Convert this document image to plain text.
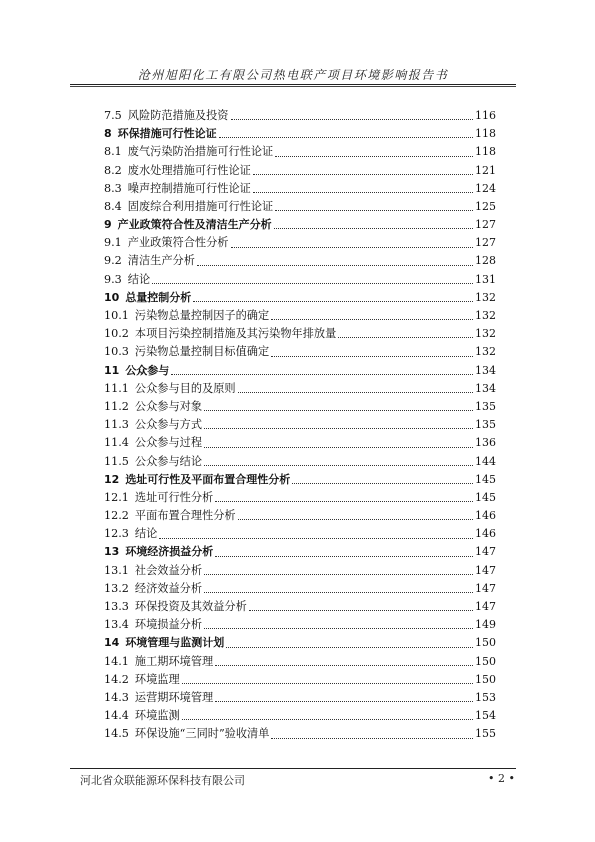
沧州旭阳化工有限公司热电联产项目环境影响报告书
7.5 风险防范措施及投资	116
8 环保措施可行性论证	118
8.1 废气污染防治措施可行性论证	118
8.2 废水处理措施可行性论证	121
8.3 噪声控制措施可行性论证	124
8.4 固废综合利用措施可行性论证	125
9 产业政策符合性及清洁生产分析	127
9.1 产业政策符合性分析	127
9.2 清洁生产分析	128
9.3 结论	131
10 总量控制分析	132
10.1 污染物总量控制因子的确定	132
10.2 本项目污染控制措施及其污染物年排放量	132
10.3 污染物总量控制目标值确定	132
11 公众参与	134
11.1 公众参与目的及原则	134
11.2 公众参与对象	135
11.3 公众参与方式	135
11.4 公众参与过程	136
11.5 公众参与结论	144
12 选址可行性及平面布置合理性分析	145
12.1 选址可行性分析	145
12.2 平面布置合理性分析	146
12.3 结论	146
13 环境经济损益分析	147
13.1 社会效益分析	147
13.2 经济效益分析	147
13.3 环保投资及其效益分析	147
13.4 环境损益分析	149
14 环境管理与监测计划	150
14.1 施工期环境管理	150
14.2 环境监理	150
14.3 运营期环境管理	153
14.4 环境监测	154
14.5 环保设施“三同时”验收清单	155
河北省众联能源环保科技有限公司	• 2 •
